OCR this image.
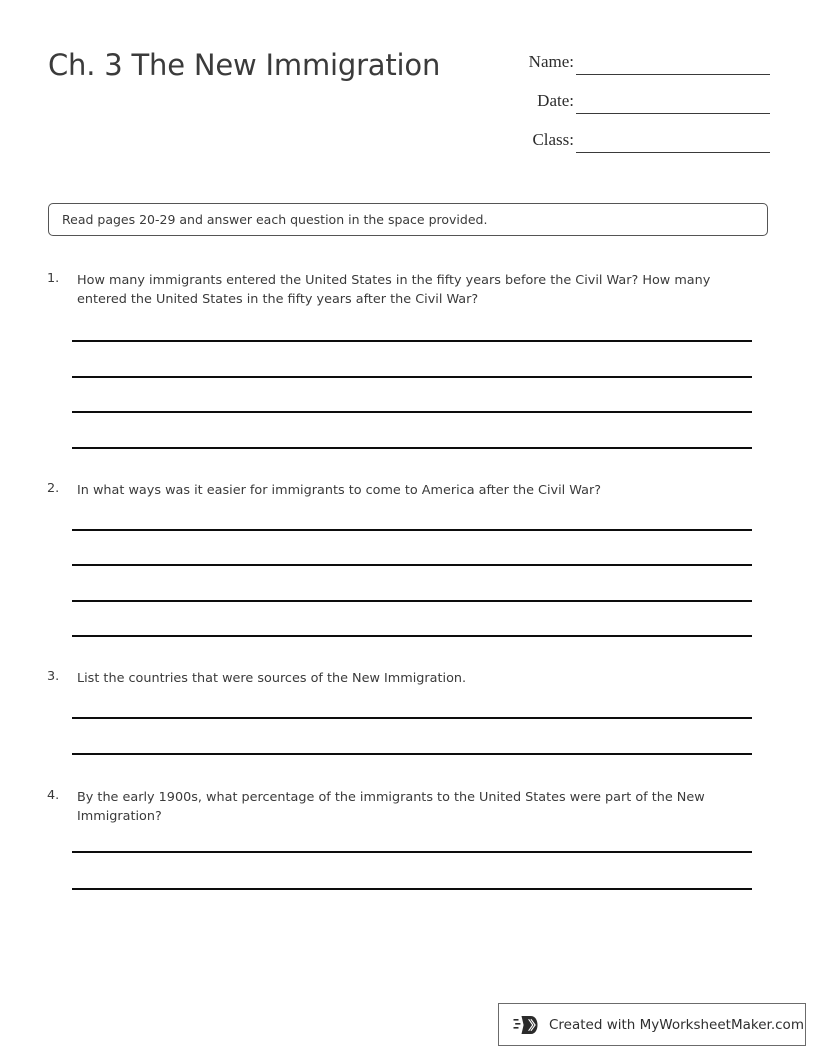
Ch. 3 The New Immigration	Name:
Date:
Class:
Read pages 20-29 and answer each question in the space provided.
1.	How many immigrants entered the United States in the fifty years before the Civil War? How many entered the United States in the fifty years after the Civil War?
2.	In what ways was it easier for immigrants to come to America after the Civil War?
3.	List the countries that were sources of the New Immigration.
4.	By the early 1900s, what percentage of the immigrants to the United States were part of the New Immigration?
Created with MyWorksheetMaker.com
